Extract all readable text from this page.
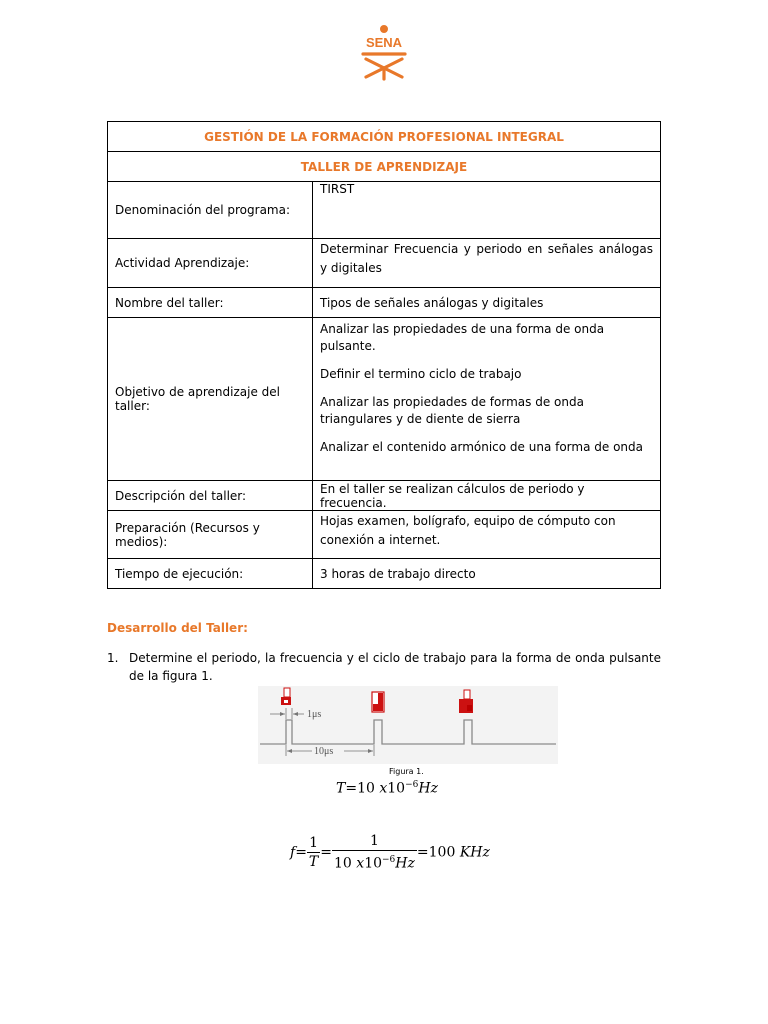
SENA
GESTIÓN DE LA FORMACIÓN PROFESIONAL INTEGRAL	
TALLER DE APRENDIZAJE	
Denominación del programa:	TIRST
Actividad Aprendizaje:	Determinar Frecuencia y periodo en señales análogas y digitales
Nombre del taller:	Tipos de señales análogas y digitales
Objetivo de aprendizaje del taller:	Analizar las propiedades de una forma de onda pulsante.

Definir el termino ciclo de trabajo

Analizar las propiedades de formas de onda triangulares y de diente de sierra

Analizar el contenido armónico de una forma de onda

Descripción del taller:	En el taller se realizan cálculos de periodo y frecuencia.
Preparación (Recursos y medios):	Hojas examen, bolígrafo, equipo de cómputo con conexión a internet.
Tiempo de ejecución:	3 horas de trabajo directo
Desarrollo del Taller:
1. Determine el periodo, la frecuencia y el ciclo de trabajo para la forma de onda pulsante de la figura 1.
1μs
10μs
Figura 1.
T=10 $x10^{-6}Hz$
$f= \frac{1}{T} = \frac{1}{10 x10^{-6}Hz} =100$ KHz
